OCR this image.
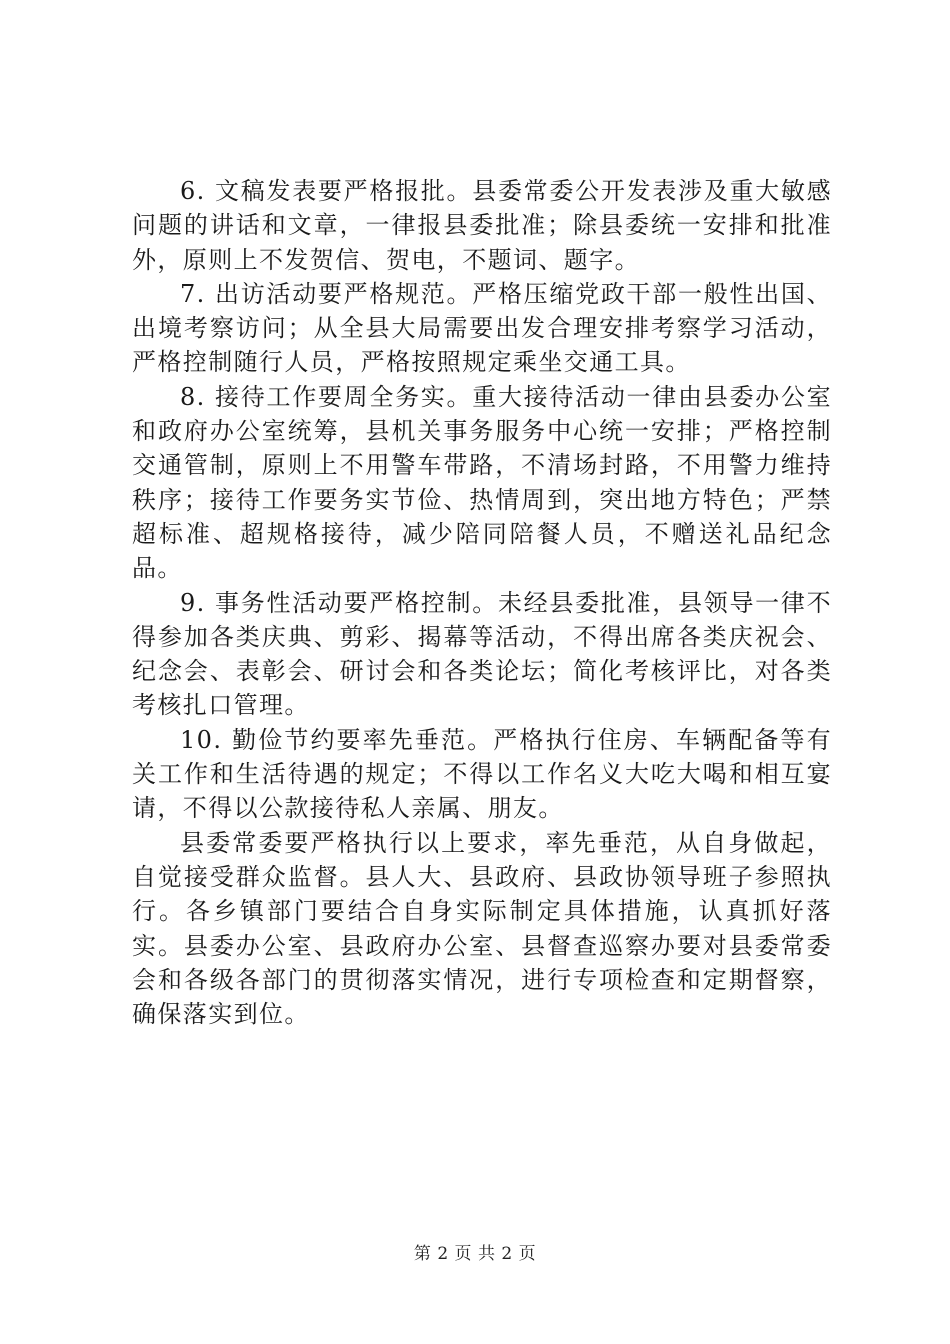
6. 文稿发表要严格报批。县委常委公开发表涉及重大敏感问题的讲话和文章，一律报县委批准；除县委统一安排和批准外，原则上不发贺信、贺电，不题词、题字。

7. 出访活动要严格规范。严格压缩党政干部一般性出国、出境考察访问；从全县大局需要出发合理安排考察学习活动，严格控制随行人员，严格按照规定乘坐交通工具。

8. 接待工作要周全务实。重大接待活动一律由县委办公室和政府办公室统筹，县机关事务服务中心统一安排；严格控制交通管制，原则上不用警车带路，不清场封路，不用警力维持秩序；接待工作要务实节俭、热情周到，突出地方特色；严禁超标准、超规格接待，减少陪同陪餐人员，不赠送礼品纪念品。

9. 事务性活动要严格控制。未经县委批准，县领导一律不得参加各类庆典、剪彩、揭幕等活动，不得出席各类庆祝会、纪念会、表彰会、研讨会和各类论坛；简化考核评比，对各类考核扎口管理。

10. 勤俭节约要率先垂范。严格执行住房、车辆配备等有关工作和生活待遇的规定；不得以工作名义大吃大喝和相互宴请，不得以公款接待私人亲属、朋友。

县委常委要严格执行以上要求，率先垂范，从自身做起，自觉接受群众监督。县人大、县政府、县政协领导班子参照执行。各乡镇部门要结合自身实际制定具体措施，认真抓好落实。县委办公室、县政府办公室、县督查巡察办要对县委常委会和各级各部门的贯彻落实情况，进行专项检查和定期督察，确保落实到位。

第 2 页 共 2 页
